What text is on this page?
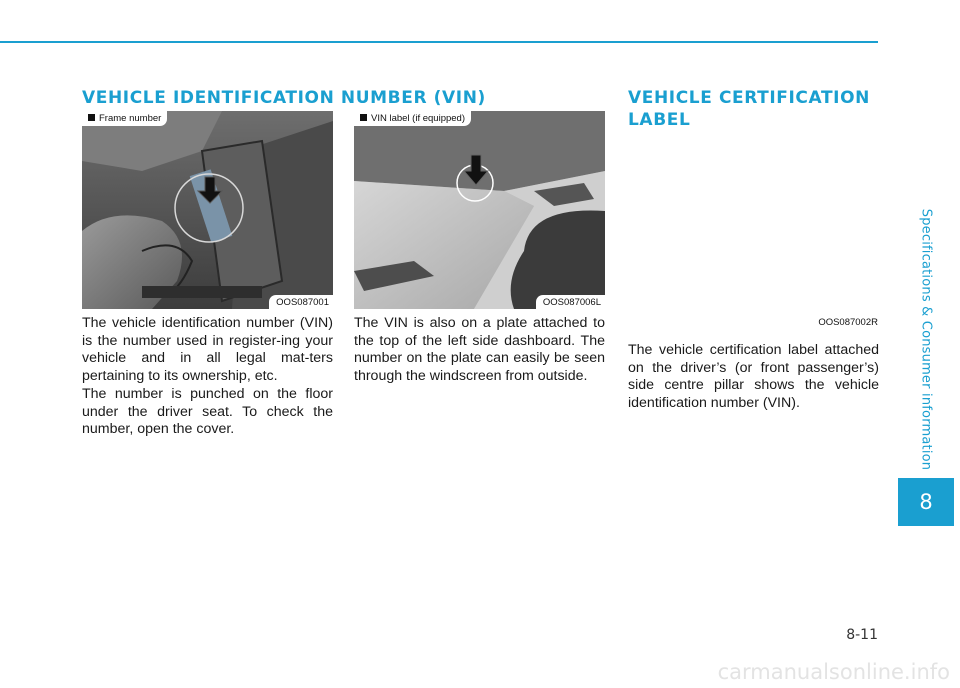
Specifications & Consumer information
8
VEHICLE IDENTIFICATION NUMBER (VIN)	VEHICLE CERTIFICATION LABEL
Frame number
OOS087001
VIN label (if equipped)
OOS087006L
OOS087002R

The vehicle identification number (VIN) is the number used in register-ing your vehicle and in all legal mat-ters pertaining to its ownership, etc.

The number is punched on the floor under the driver seat. To check the number, open the cover.

The VIN is also on a plate attached to the top of the left side dashboard. The number on the plate can easily be seen through the windscreen from outside.

The vehicle certification label attached on the driver’s (or front passenger’s) side centre pillar shows the vehicle identification number (VIN).

8-11
carmanualsonline.info
